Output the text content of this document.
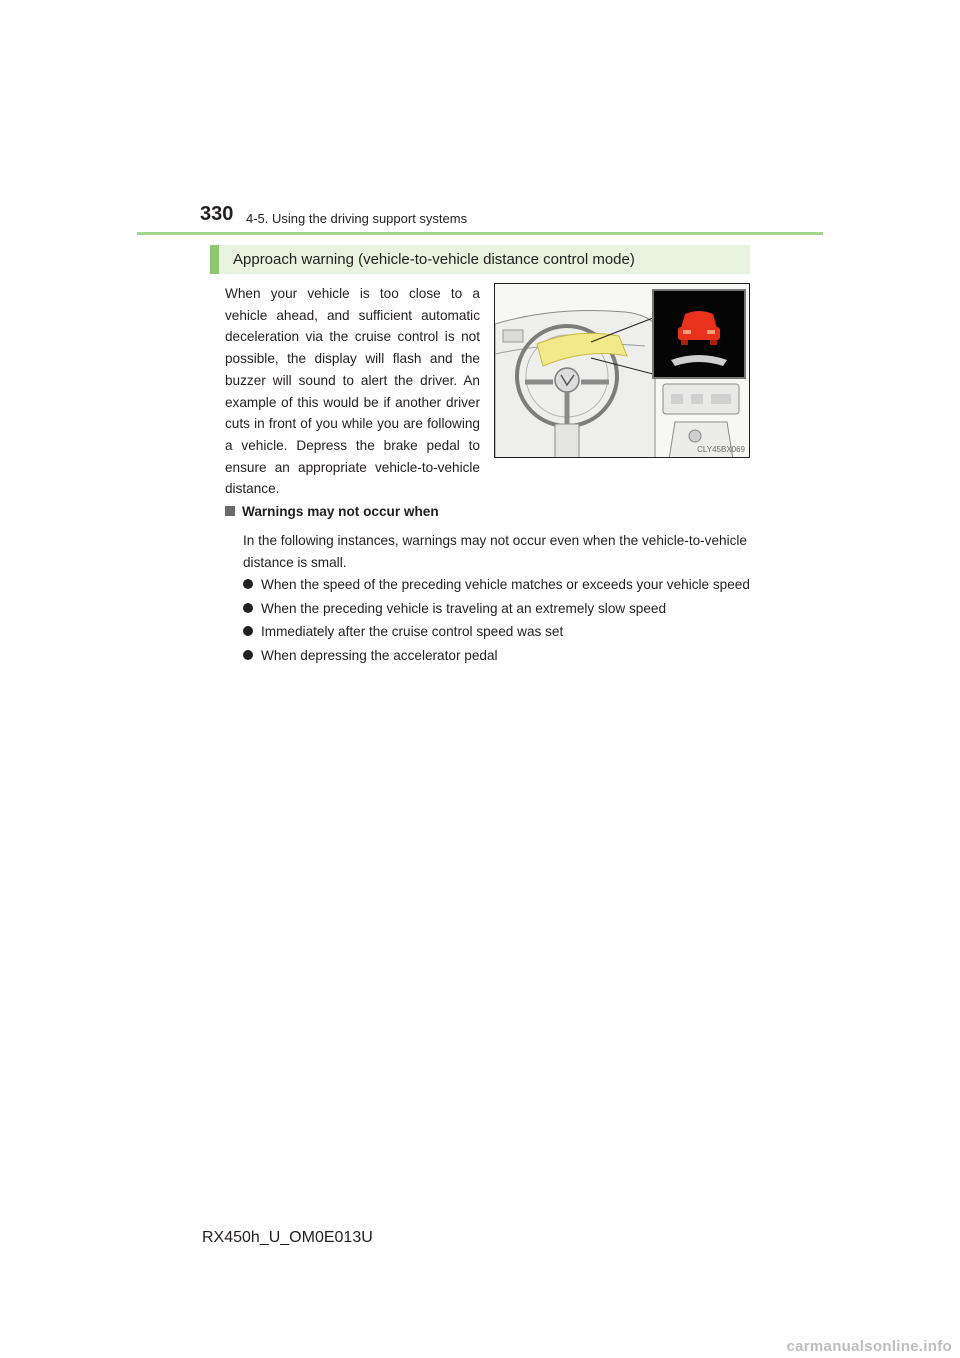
330 4-5. Using the driving support systems
Approach warning (vehicle-to-vehicle distance control mode)
When your vehicle is too close to a vehicle ahead, and sufficient automatic deceleration via the cruise control is not possible, the display will flash and the buzzer will sound to alert the driver. An example of this would be if another driver cuts in front of you while you are following a vehicle. Depress the brake pedal to ensure an appropriate vehicle-to-vehicle distance.
CLY45BX069
Warnings may not occur when
In the following instances, warnings may not occur even when the vehicle-to-vehicle distance is small.
When the speed of the preceding vehicle matches or exceeds your vehicle speed
When the preceding vehicle is traveling at an extremely slow speed
Immediately after the cruise control speed was set
When depressing the accelerator pedal
RX450h_U_OM0E013U
carmanualsonline.info
